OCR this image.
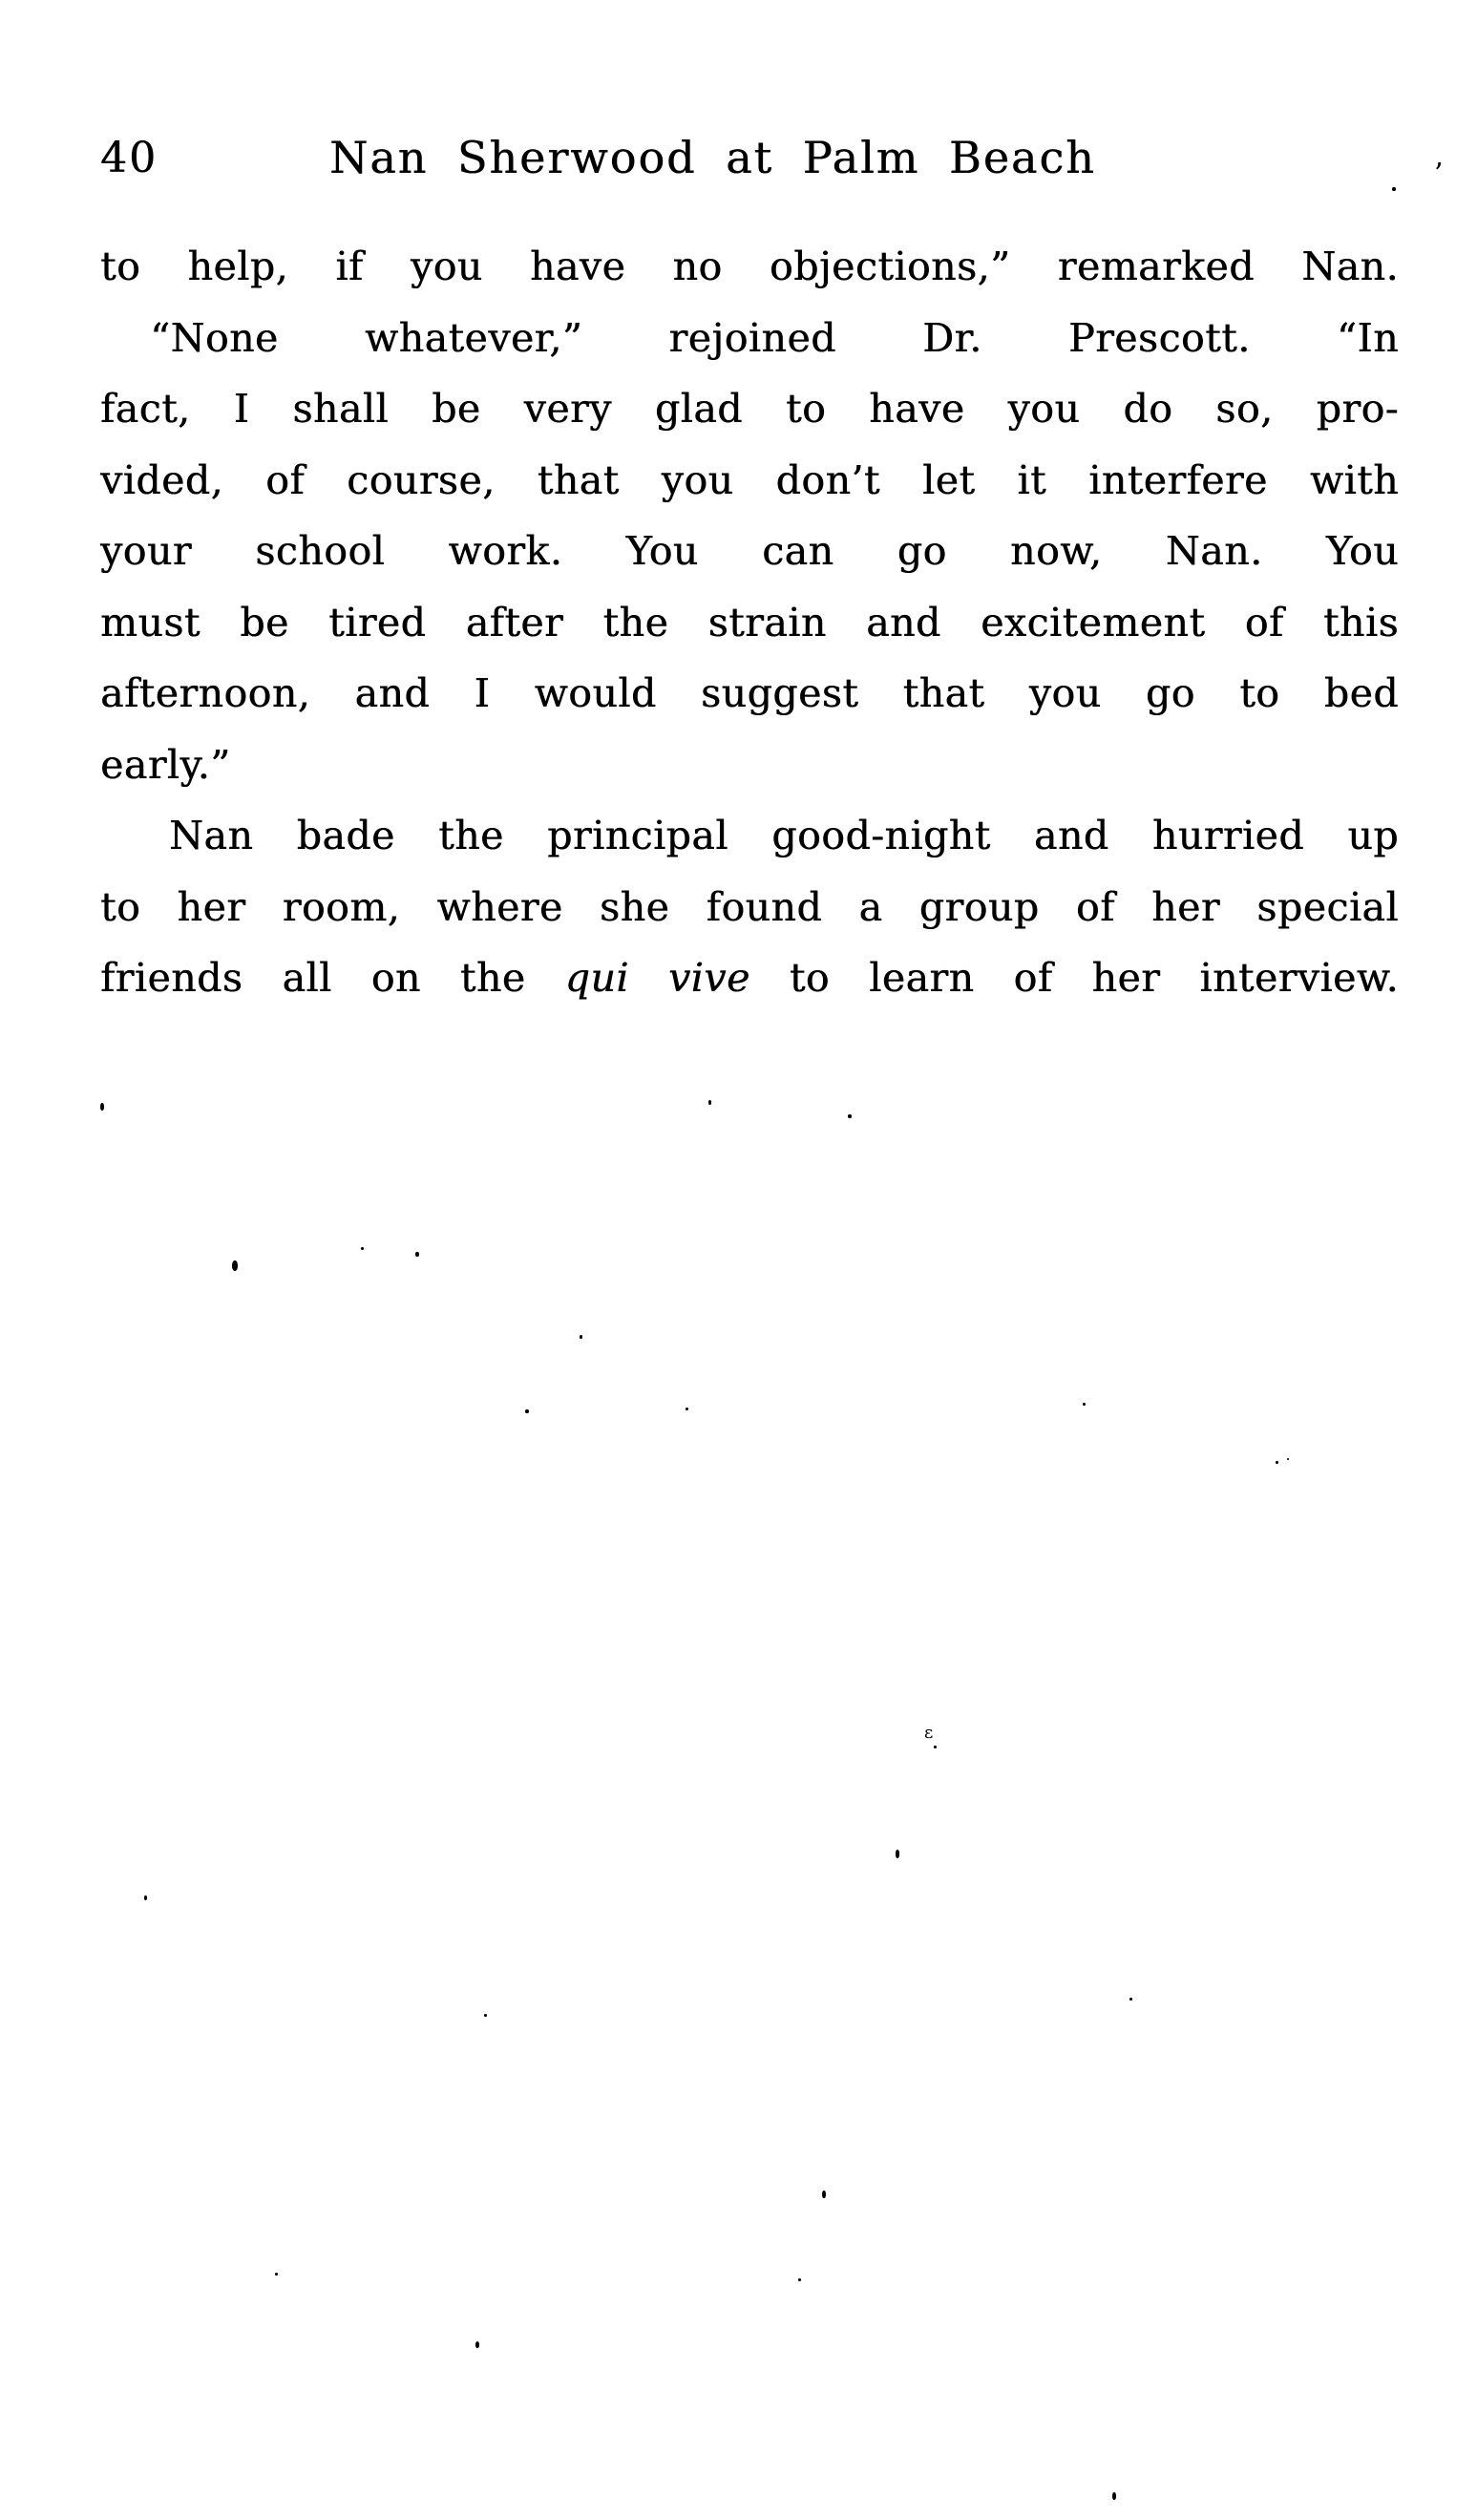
40	Nan Sherwood at Palm Beach
to help, if you have no objections,” remarked Nan.
“None whatever,” rejoined Dr. Prescott. “In
fact, I shall be very glad to have you do so, pro-
vided, of course, that you don’t let it interfere with
your school work. You can go now, Nan. You
must be tired after the strain and excitement of this
afternoon, and I would suggest that you go to bed
early.”
Nan bade the principal good-night and hurried up
to her room, where she found a group of her special
friends all on the qui vive to learn of her interview.
’
ε
